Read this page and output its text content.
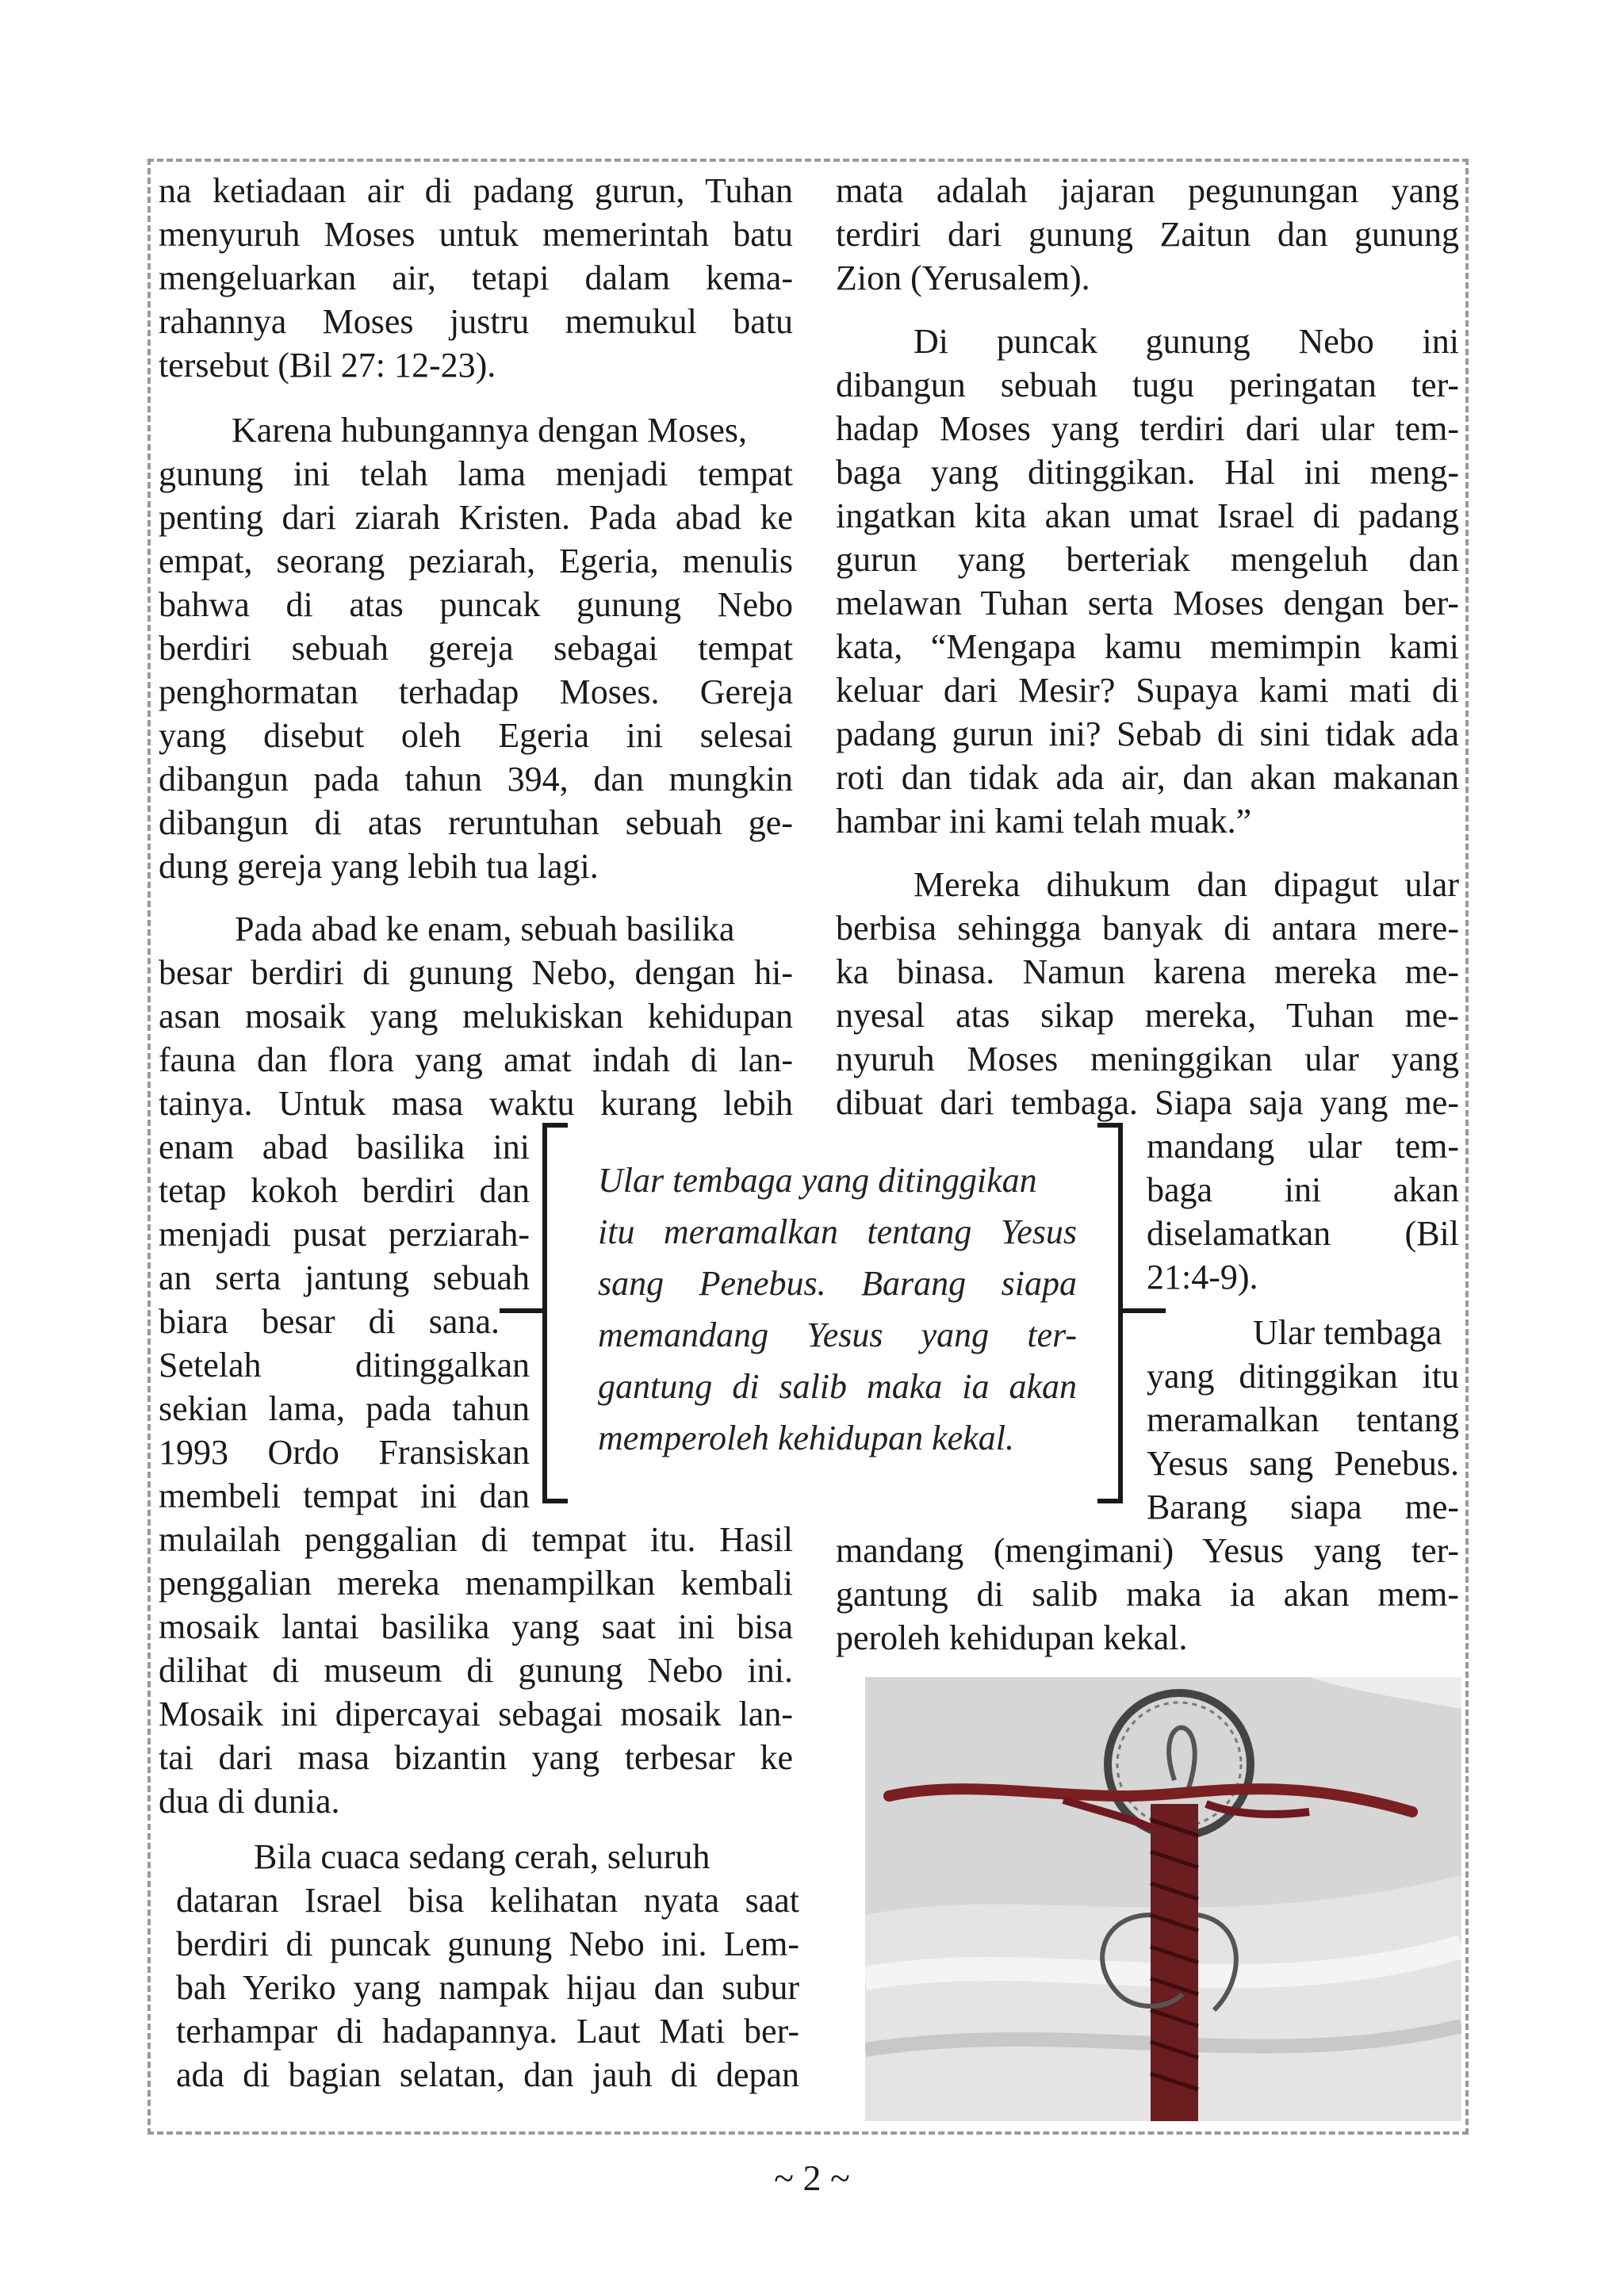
na ketiadaan air di padang gurun, Tuhan

menyuruh Moses untuk memerintah batu

mengeluarkan air, tetapi dalam kema-

rahannya Moses justru memukul batu

tersebut (Bil 27: 12-23).

Karena hubungannya dengan Moses,

gunung ini telah lama menjadi tempat

penting dari ziarah Kristen. Pada abad ke

empat, seorang peziarah, Egeria, menulis

bahwa di atas puncak gunung Nebo

berdiri sebuah gereja sebagai tempat

penghormatan terhadap Moses. Gereja

yang disebut oleh Egeria ini selesai

dibangun pada tahun 394, dan mungkin

dibangun di atas reruntuhan sebuah ge-

dung gereja yang lebih tua lagi.

Pada abad ke enam, sebuah basilika

besar berdiri di gunung Nebo, dengan hi-

asan mosaik yang melukiskan kehidupan

fauna dan flora yang amat indah di lan-

tainya. Untuk masa waktu kurang lebih

enam abad basilika ini

tetap kokoh berdiri dan

menjadi pusat perziarah-

an serta jantung sebuah

biara besar di sana.

Setelah ditinggalkan

sekian lama, pada tahun

1993 Ordo Fransiskan

membeli tempat ini dan

mulailah penggalian di tempat itu. Hasil

penggalian mereka menampilkan kembali

mosaik lantai basilika yang saat ini bisa

dilihat di museum di gunung Nebo ini.

Mosaik ini dipercayai sebagai mosaik lan-

tai dari masa bizantin yang terbesar ke

dua di dunia.

Bila cuaca sedang cerah, seluruh

dataran Israel bisa kelihatan nyata saat

berdiri di puncak gunung Nebo ini. Lem-

bah Yeriko yang nampak hijau dan subur

terhampar di hadapannya. Laut Mati ber-

ada di bagian selatan, dan jauh di depan

mata adalah jajaran pegunungan yang

terdiri dari gunung Zaitun dan gunung

Zion (Yerusalem).

Di puncak gunung Nebo ini

dibangun sebuah tugu peringatan ter-

hadap Moses yang terdiri dari ular tem-

baga yang ditinggikan. Hal ini meng-

ingatkan kita akan umat Israel di padang

gurun yang berteriak mengeluh dan

melawan Tuhan serta Moses dengan ber-

kata, “Mengapa kamu memimpin kami

keluar dari Mesir? Supaya kami mati di

padang gurun ini? Sebab di sini tidak ada

roti dan tidak ada air, dan akan makanan

hambar ini kami telah muak.”

Mereka dihukum dan dipagut ular

berbisa sehingga banyak di antara mere-

ka binasa. Namun karena mereka me-

nyesal atas sikap mereka, Tuhan me-

nyuruh Moses meninggikan ular yang

dibuat dari tembaga. Siapa saja yang me-

mandang ular tem-

baga ini akan

diselamatkan (Bil

21:4-9).

Ular tembaga

yang ditinggikan itu

meramalkan tentang

Yesus sang Penebus.

Barang siapa me-

mandang (mengimani) Yesus yang ter-

gantung di salib maka ia akan mem-

peroleh kehidupan kekal.

Ular tembaga yang ditinggikan

itu meramalkan tentang Yesus

sang Penebus. Barang siapa

memandang Yesus yang ter-

gantung di salib maka ia akan

memperoleh kehidupan kekal.

~ 2 ~
